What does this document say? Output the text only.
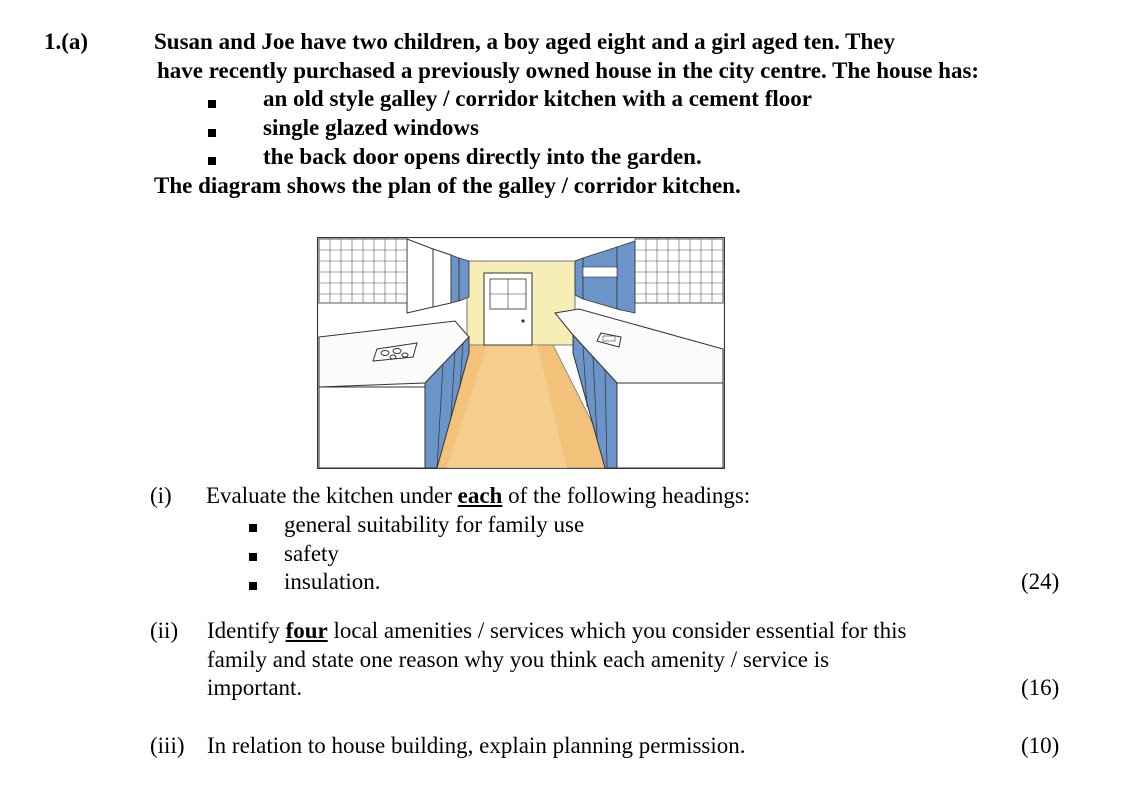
1.(a)	Susan and Joe have two children, a boy aged eight and a girl aged ten. They
have recently purchased a previously owned house in the city centre. The house has:
an old style galley / corridor kitchen with a cement floor
single glazed windows
the back door opens directly into the garden.
The diagram shows the plan of the galley / corridor kitchen.
(i) Evaluate the kitchen under each of the following headings:
general suitability for family use
safety
insulation.	(24)
(ii) Identify four local amenities / services which you consider essential for this
family and state one reason why you think each amenity / service is
important.	(16)
(iii) In relation to house building, explain planning permission.	(10)
